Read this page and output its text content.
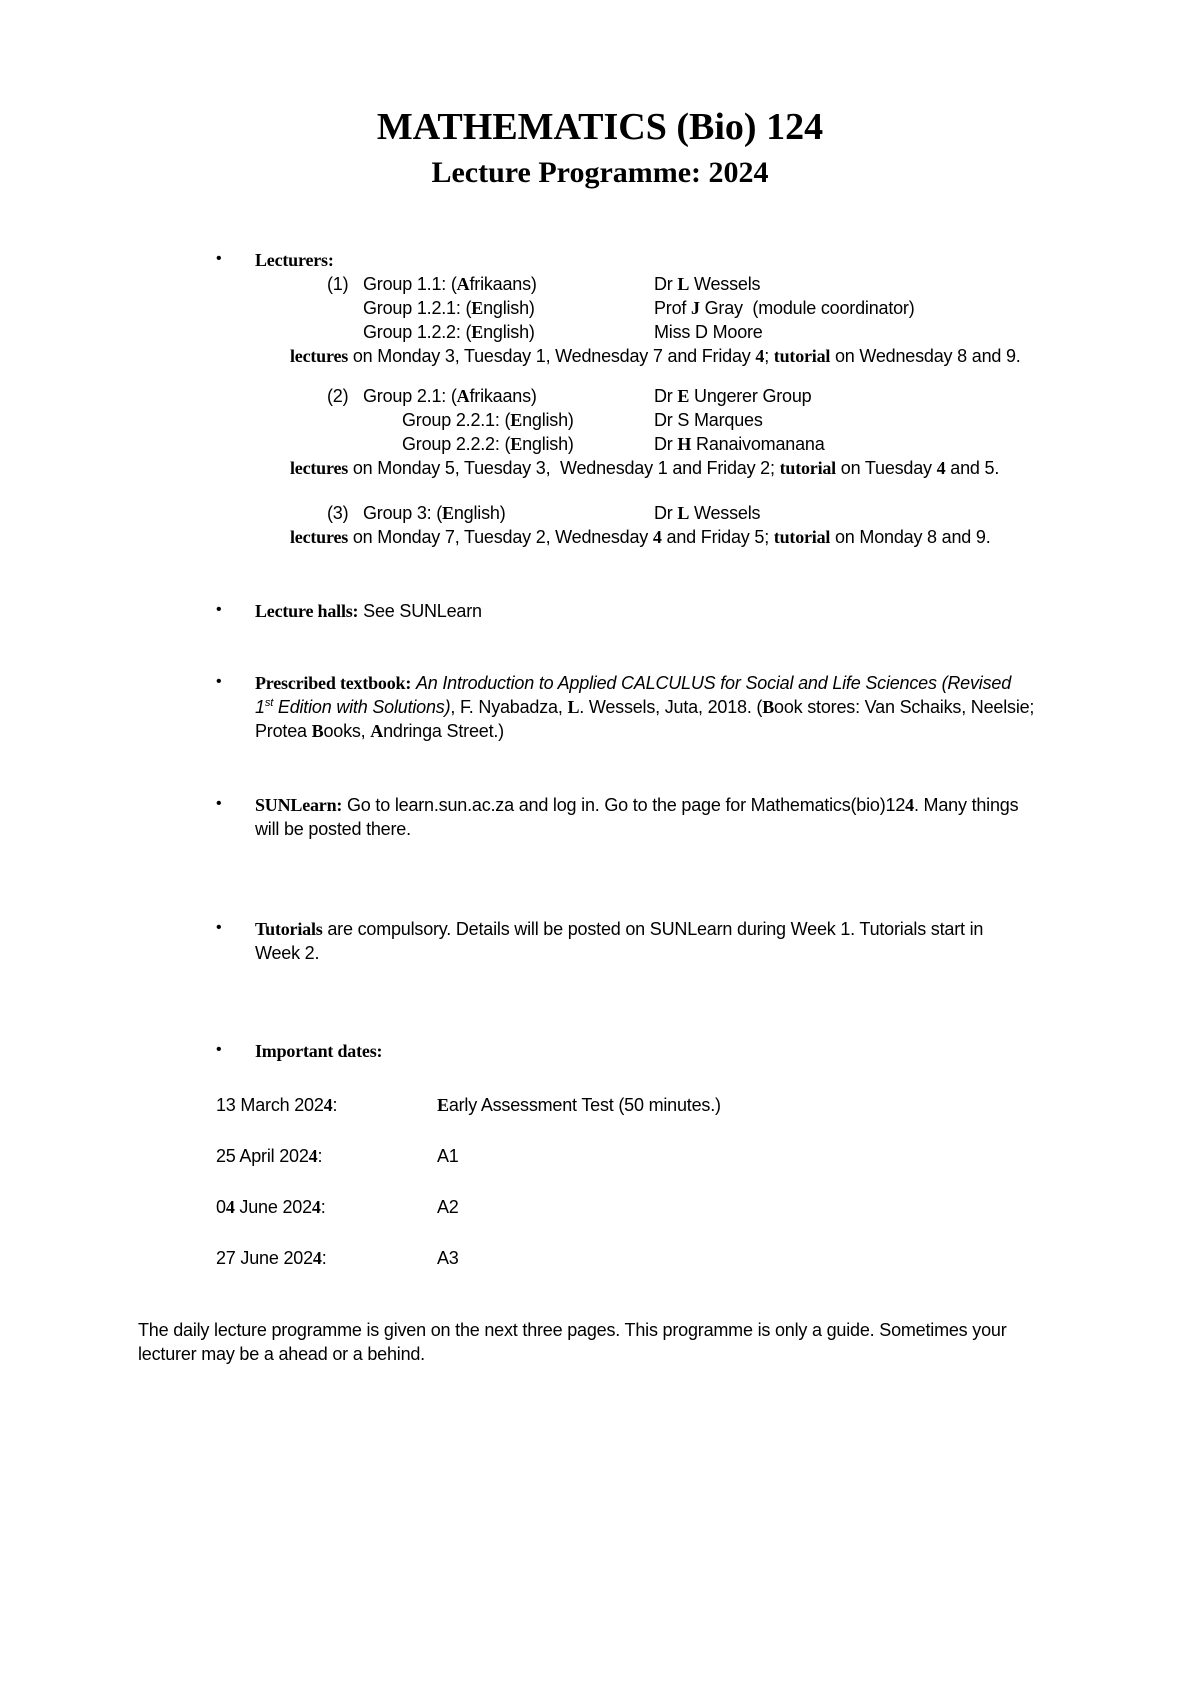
MATHEMATICS (Bio) 124
Lecture Programme: 2024
• Lecturers:
(1) Group 1.1: (Afrikaans)	Dr L Wessels
Group 1.2.1: (English)	Prof J Gray  (module coordinator)
Group 1.2.2: (English)	Miss D Moore
lectures on Monday 3, Tuesday 1, Wednesday 7 and Friday 4; tutorial on Wednesday 8 and 9.
(2) Group 2.1: (Afrikaans)	Dr E Ungerer Group
Group 2.2.1: (English)	Dr S Marques
Group 2.2.2: (English)	Dr H Ranaivomanana
lectures on Monday 5, Tuesday 3,  Wednesday 1 and Friday 2; tutorial on Tuesday 4 and 5.
(3) Group 3: (English)	Dr L Wessels
lectures on Monday 7, Tuesday 2, Wednesday 4 and Friday 5; tutorial on Monday 8 and 9.
• Lecture halls: See SUNLearn
• Prescribed textbook: An Introduction to Applied CALCULUS for Social and Life Sciences (Revised
1st Edition with Solutions), F. Nyabadza, L. Wessels, Juta, 2018. (Book stores: Van Schaiks, Neelsie;
Protea Books, Andringa Street.)
• SUNLearn: Go to learn.sun.ac.za and log in. Go to the page for Mathematics(bio)124. Many things
will be posted there.
• Tutorials are compulsory. Details will be posted on SUNLearn during Week 1. Tutorials start in
Week 2.
• Important dates:
13 March 2024:	Early Assessment Test (50 minutes.)
25 April 2024:	A1
04 June 2024:	A2
27 June 2024:	A3
The daily lecture programme is given on the next three pages. This programme is only a guide. Sometimes your
lecturer may be a ahead or a behind.
